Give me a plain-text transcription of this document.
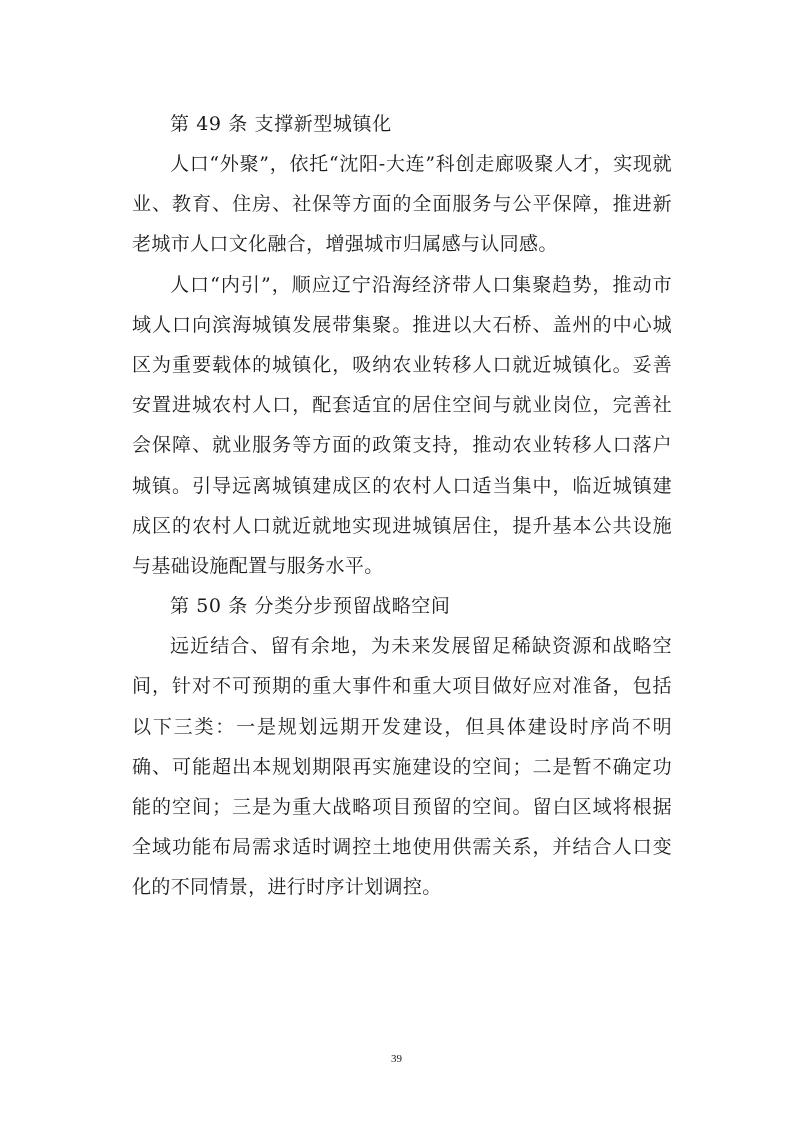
第 49 条 支撑新型城镇化

人口“外聚”，依托“沈阳-大连”科创走廊吸聚人才，实现就业、教育、住房、社保等方面的全面服务与公平保障，推进新老城市人口文化融合，增强城市归属感与认同感。

人口“内引”，顺应辽宁沿海经济带人口集聚趋势，推动市域人口向滨海城镇发展带集聚。推进以大石桥、盖州的中心城区为重要载体的城镇化，吸纳农业转移人口就近城镇化。妥善安置进城农村人口，配套适宜的居住空间与就业岗位，完善社会保障、就业服务等方面的政策支持，推动农业转移人口落户城镇。引导远离城镇建成区的农村人口适当集中，临近城镇建成区的农村人口就近就地实现进城镇居住，提升基本公共设施与基础设施配置与服务水平。

第 50 条 分类分步预留战略空间

远近结合、留有余地，为未来发展留足稀缺资源和战略空间，针对不可预期的重大事件和重大项目做好应对准备，包括以下三类：一是规划远期开发建设，但具体建设时序尚不明确、可能超出本规划期限再实施建设的空间；二是暂不确定功能的空间；三是为重大战略项目预留的空间。留白区域将根据全域功能布局需求适时调控土地使用供需关系，并结合人口变化的不同情景，进行时序计划调控。

39
